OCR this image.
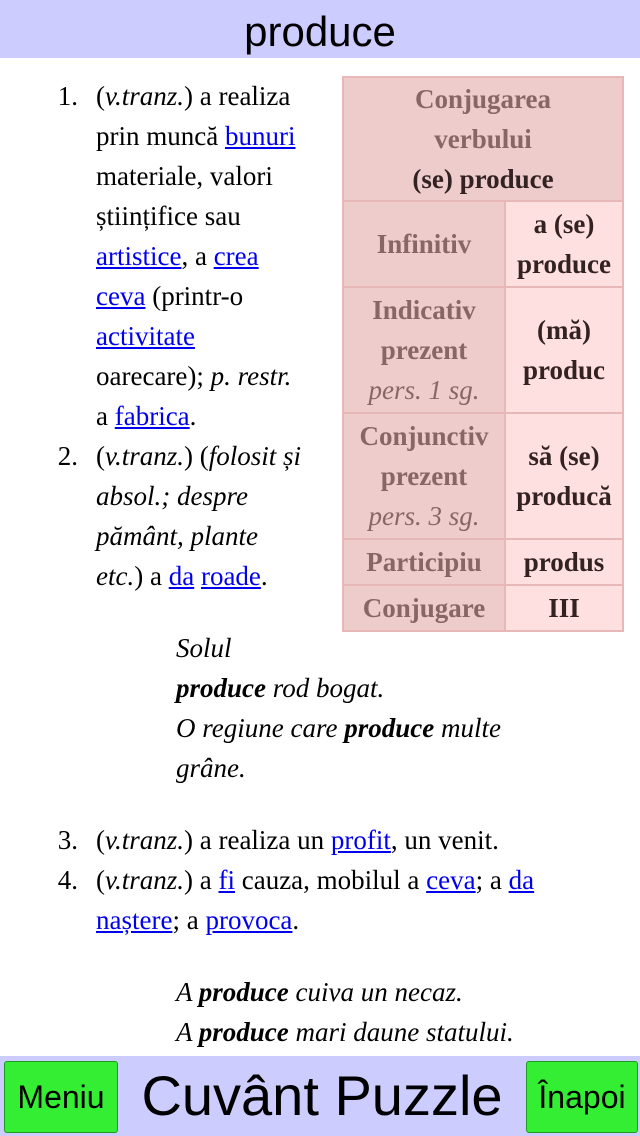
produce
1. (v.tranz.) a realiza
prin muncă bunuri
materiale, valori
științifice sau
artistice, a crea
ceva (printr-o
activitate
oarecare); p. restr.
a fabrica.
2. (v.tranz.) (folosit și
absol.; despre
pământ, plante
etc.) a da roade.
Solul
produce rod bogat.
O regiune care produce multe
grâne.
3. (v.tranz.) a realiza un profit, un venit.
4. (v.tranz.) a fi cauza, mobilul a ceva; a da
naștere; a provoca.
A produce cuiva un necaz.
A produce mari daune statului.
Conjugarea
verbului
(se) produce	

Infinitiv	a (se) produce

Indicativ prezent
pers. 1 sg.	(mă) produc

Conjunctiv prezent
pers. 3 sg.	să (se) producă
Participiu	produs
Conjugare	III
Meniu Cuvânt Puzzle	Înapoi
